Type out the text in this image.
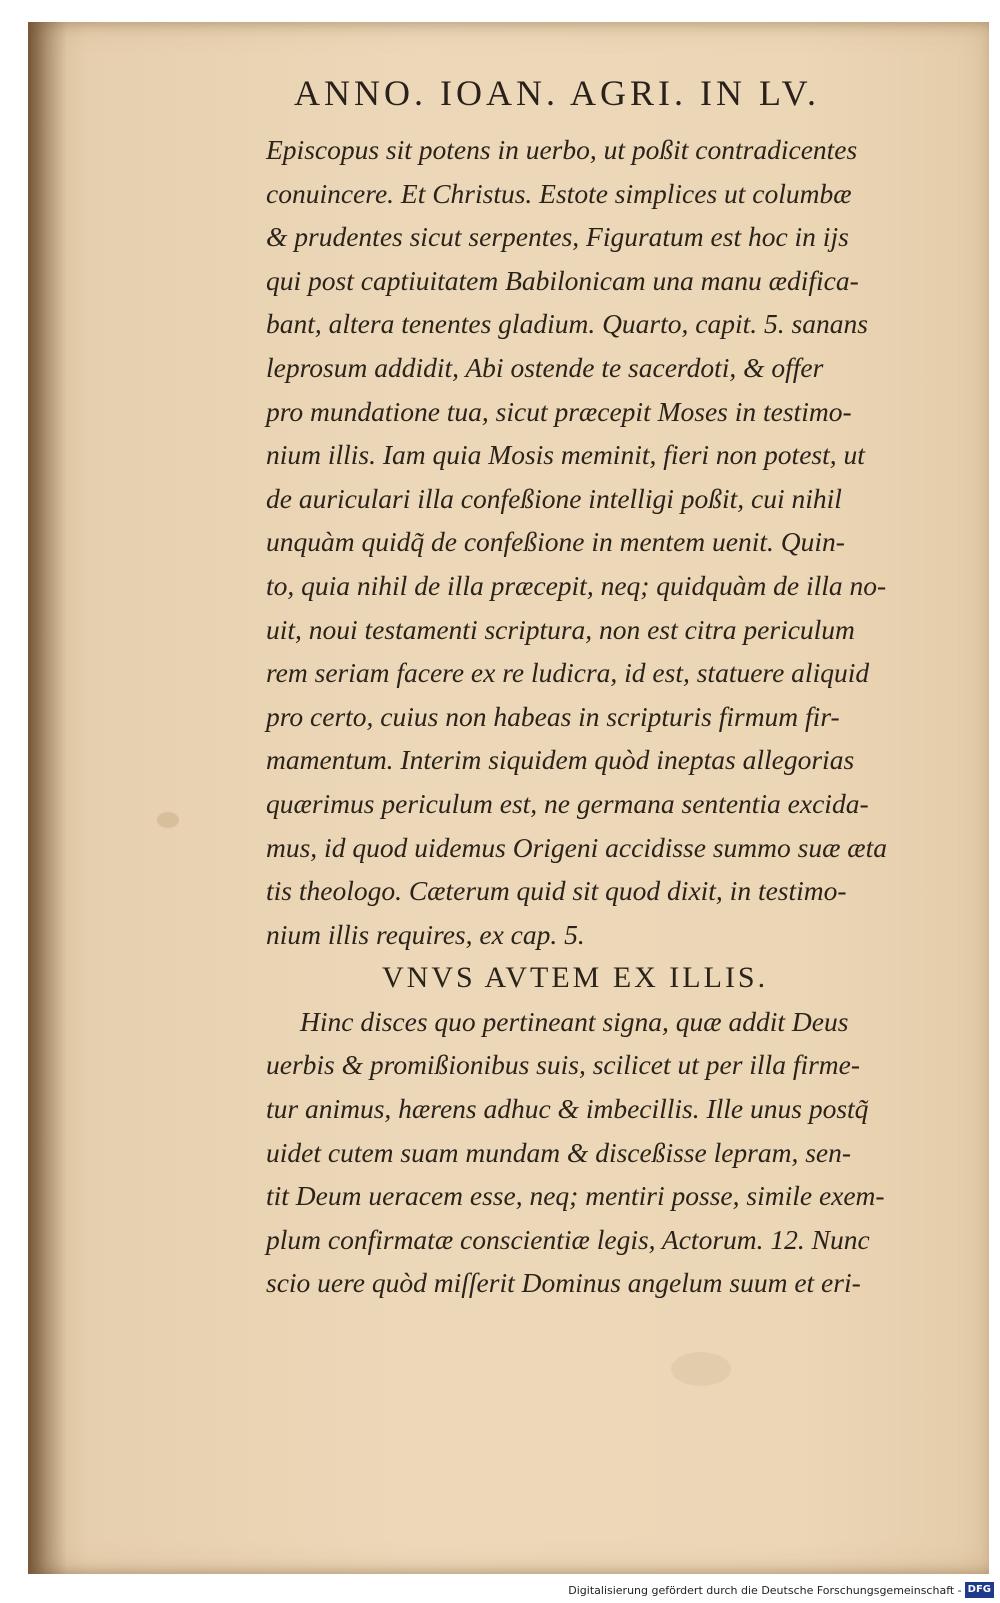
ANNO. IOAN. AGRI. IN LV.
Episcopus sit potens in uerbo, ut poßit contradicentes
conuincere. Et Christus. Estote simplices ut columbæ
& prudentes sicut serpentes, Figuratum est hoc in ijs
qui post captiuitatem Babilonicam una manu ædifica-
bant, altera tenentes gladium. Quarto, capit. 5. sanans
leprosum addidit, Abi ostende te sacerdoti, & offer
pro mundatione tua, sicut præcepit Moses in testimo-
nium illis. Iam quia Mosis meminit, fieri non potest, ut
de auriculari illa confeßione intelligi poßit, cui nihil
unquàm quidq̃ de confeßione in mentem uenit. Quin-
to, quia nihil de illa præcepit, neq; quidquàm de illa no-
uit, noui testamenti scriptura, non est citra periculum
rem seriam facere ex re ludicra, id est, statuere aliquid
pro certo, cuius non habeas in scripturis firmum fir-
mamentum. Interim siquidem quòd ineptas allegorias
quærimus periculum est, ne germana sententia excida-
mus, id quod uidemus Origeni accidisse summo suæ æta
tis theologo. Cæterum quid sit quod dixit, in testimo-
nium illis requires, ex cap. 5.
VNVS AVTEM EX ILLIS.
Hinc disces quo pertineant signa, quæ addit Deus
uerbis & promißionibus suis, scilicet ut per illa firme-
tur animus, hærens adhuc & imbecillis. Ille unus postq̃
uidet cutem suam mundam & disceßisse lepram, sen-
tit Deum ueracem esse, neq; mentiri posse, simile exem-
plum confirmatæ conscientiæ legis, Actorum. 12. Nunc
scio uere quòd miſſerit Dominus angelum suum et eri-
Digitalisierung gefördert durch die Deutsche Forschungsgemeinschaft - DFG
